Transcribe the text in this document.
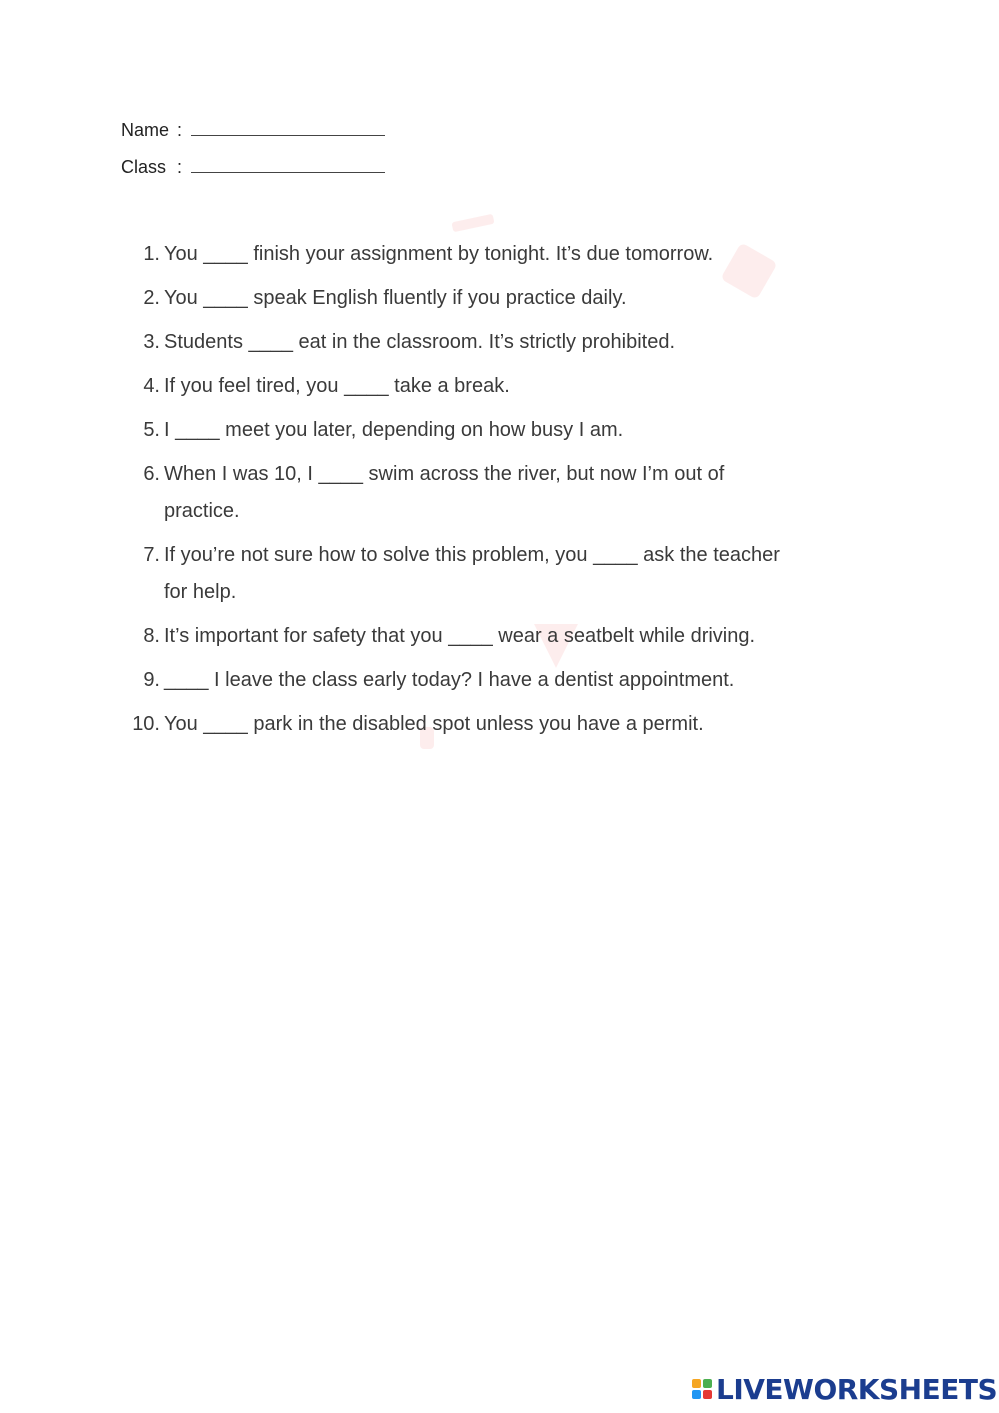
Name :
Class :
1. You ____ finish your assignment by tonight. It’s due tomorrow.
2. You ____ speak English fluently if you practice daily.
3. Students ____ eat in the classroom. It’s strictly prohibited.
4. If you feel tired, you ____ take a break.
5. I ____ meet you later, depending on how busy I am.
6. When I was 10, I ____ swim across the river, but now I’m out of practice.
7. If you’re not sure how to solve this problem, you ____ ask the teacher for help.
8. It’s important for safety that you ____ wear a seatbelt while driving.
9. ____ I leave the class early today? I have a dentist appointment.
10. You ____ park in the disabled spot unless you have a permit.
LIVEWORKSHEETS
